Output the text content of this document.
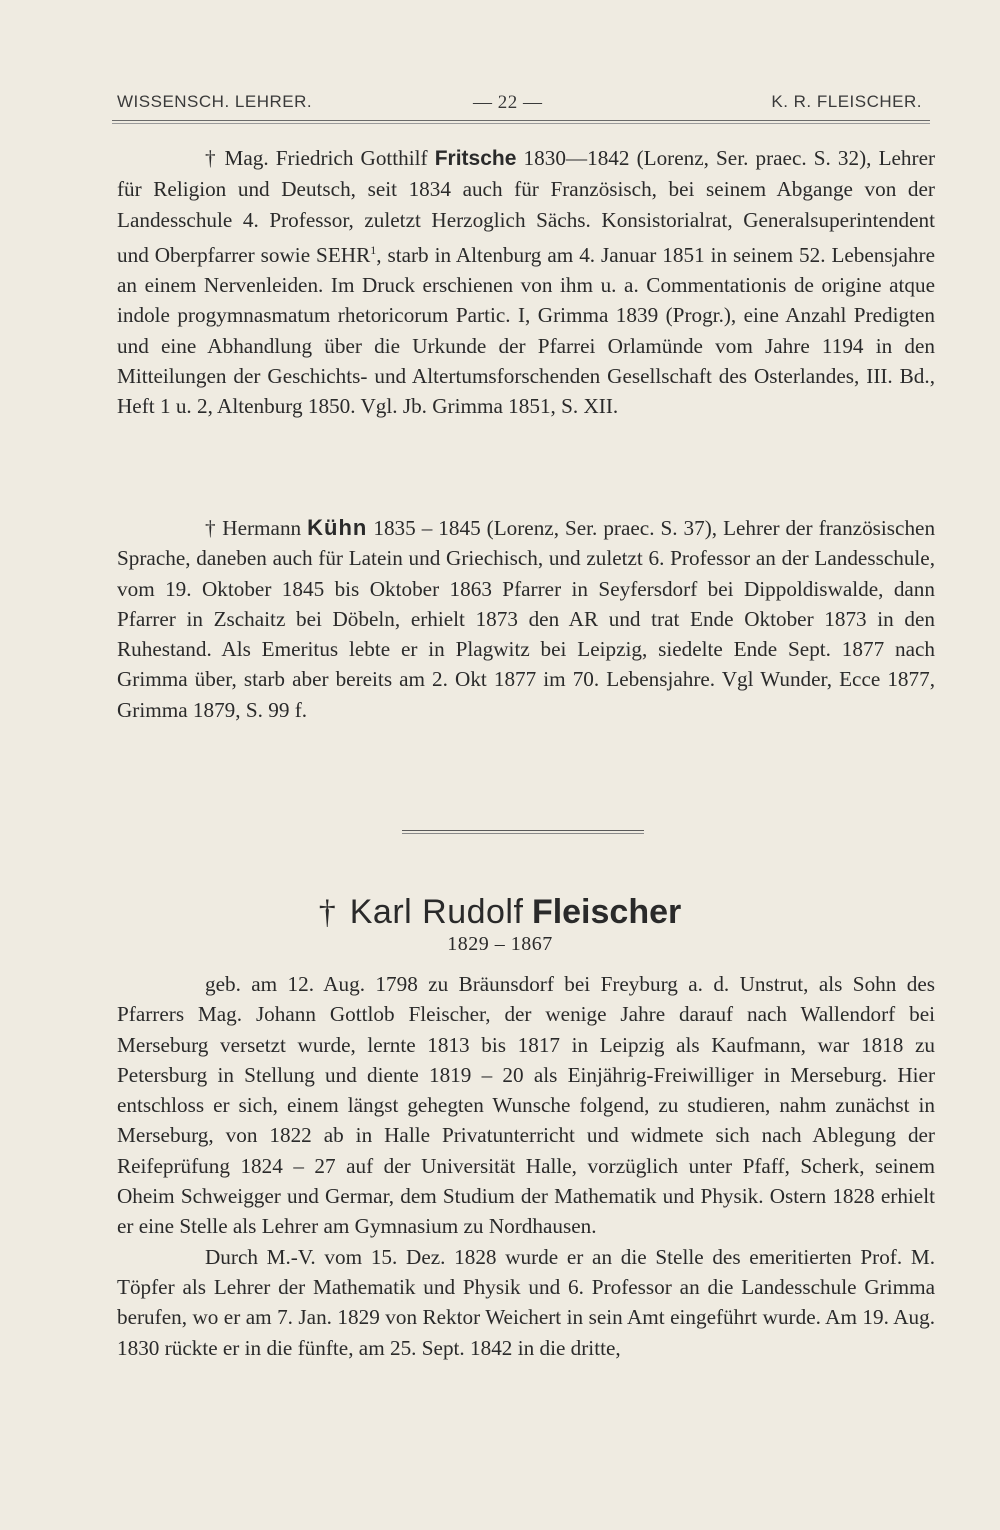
WISSENSCH. LEHRER.	— 22 —	K. R. FLEISCHER.

† Mag. Friedrich Gotthilf Fritsche 1830—1842 (Lorenz, Ser. praec. S. 32), Lehrer für Religion und Deutsch, seit 1834 auch für Französisch, bei seinem Abgange von der Landesschule 4. Professor, zuletzt Herzoglich Sächs. Konsistorialrat, Generalsuperintendent und Oberpfarrer sowie SEHR$^1$, starb in Altenburg am 4. Januar 1851 in seinem 52. Lebensjahre an einem Nervenleiden. Im Druck erschienen von ihm u. a. Commentationis de origine atque indole progymnasmatum rhetoricorum Partic. I, Grimma 1839 (Progr.), eine Anzahl Predigten und eine Abhandlung über die Urkunde der Pfarrei Orlamünde vom Jahre 1194 in den Mitteilungen der Geschichts- und Altertumsforschenden Gesellschaft des Osterlandes, III. Bd., Heft 1 u. 2, Altenburg 1850. Vgl. Jb. Grimma 1851, S. XII.

† Hermann Kühn 1835 – 1845 (Lorenz, Ser. praec. S. 37), Lehrer der französischen Sprache, daneben auch für Latein und Griechisch, und zuletzt 6. Professor an der Landesschule, vom 19. Oktober 1845 bis Oktober 1863 Pfarrer in Seyfersdorf bei Dippoldiswalde, dann Pfarrer in Zschaitz bei Döbeln, erhielt 1873 den AR und trat Ende Oktober 1873 in den Ruhestand. Als Emeritus lebte er in Plagwitz bei Leipzig, siedelte Ende Sept. 1877 nach Grimma über, starb aber bereits am 2. Okt 1877 im 70. Lebensjahre. Vgl Wunder, Ecce 1877, Grimma 1879, S. 99 f.

† Karl Rudolf Fleischer
1829 – 1867

geb. am 12. Aug. 1798 zu Bräunsdorf bei Freyburg a. d. Unstrut, als Sohn des Pfarrers Mag. Johann Gottlob Fleischer, der wenige Jahre darauf nach Wallendorf bei Merseburg versetzt wurde, lernte 1813 bis 1817 in Leipzig als Kaufmann, war 1818 zu Petersburg in Stellung und diente 1819 – 20 als Einjährig-Freiwilliger in Merseburg. Hier entschloss er sich, einem längst gehegten Wunsche folgend, zu studieren, nahm zunächst in Merseburg, von 1822 ab in Halle Privatunterricht und widmete sich nach Ablegung der Reifeprüfung 1824 – 27 auf der Universität Halle, vorzüglich unter Pfaff, Scherk, seinem Oheim Schweigger und Germar, dem Studium der Mathematik und Physik. Ostern 1828 erhielt er eine Stelle als Lehrer am Gymnasium zu Nordhausen.

Durch M.-V. vom 15. Dez. 1828 wurde er an die Stelle des emeritierten Prof. M. Töpfer als Lehrer der Mathematik und Physik und 6. Professor an die Landesschule Grimma berufen, wo er am 7. Jan. 1829 von Rektor Weichert in sein Amt eingeführt wurde. Am 19. Aug. 1830 rückte er in die fünfte, am 25. Sept. 1842 in die dritte,
